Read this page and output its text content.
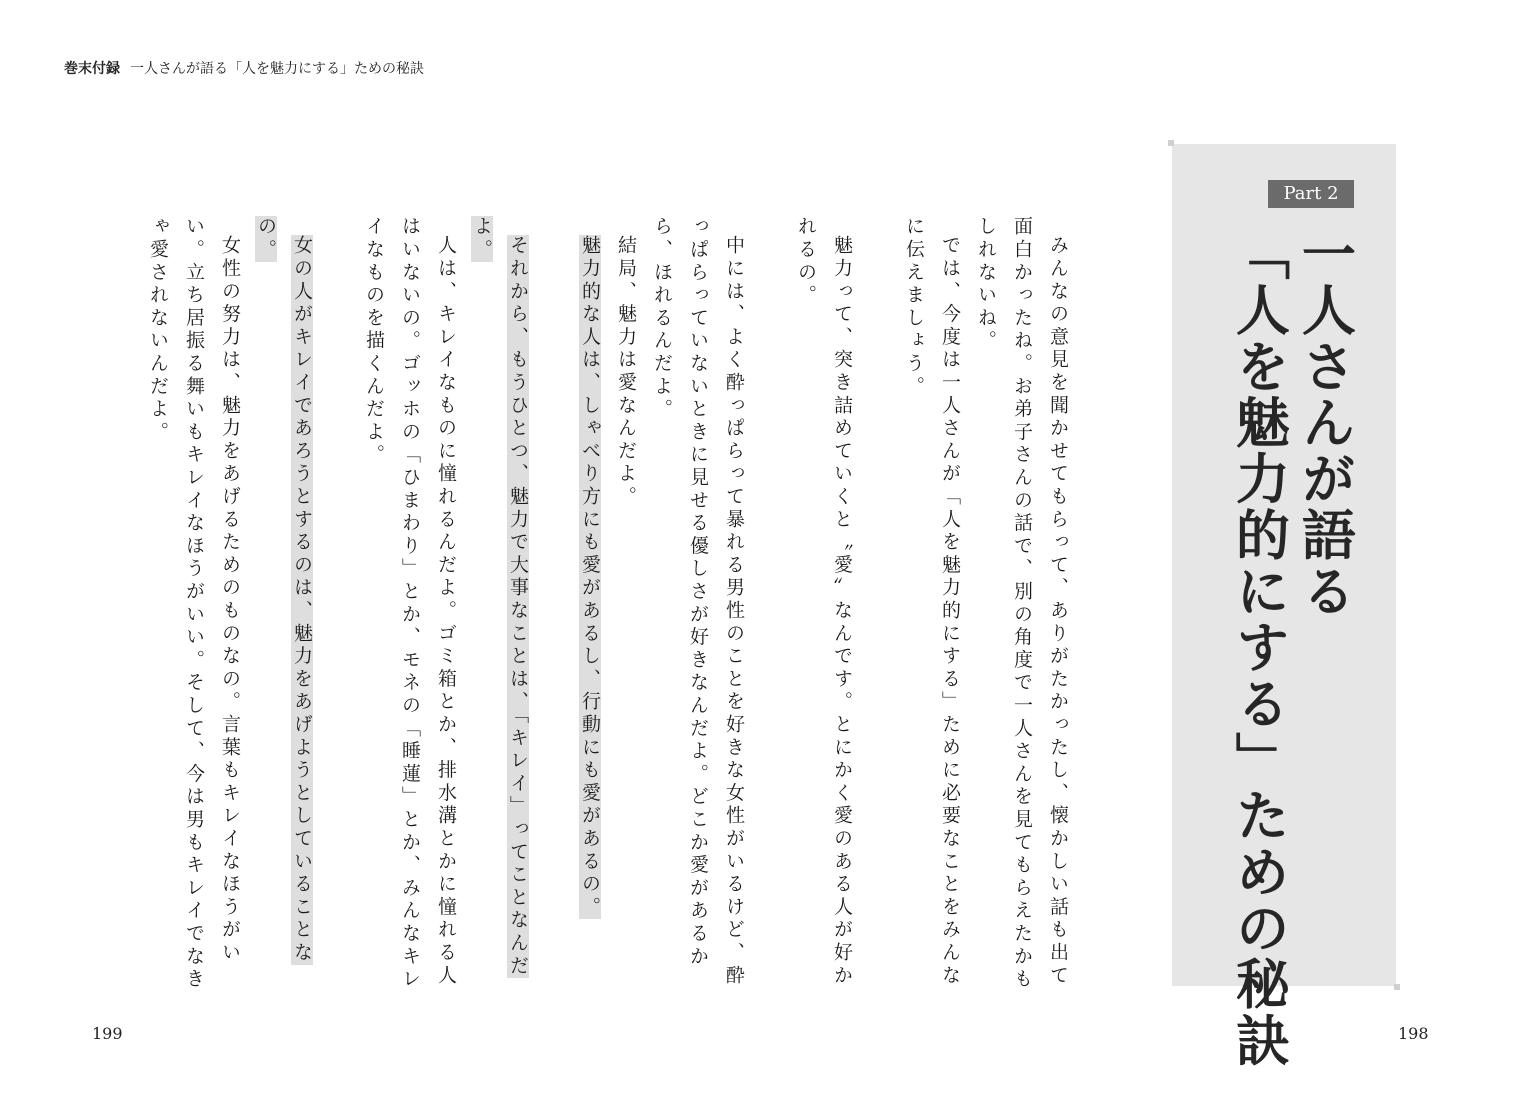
巻末付録 一人さんが語る「人を魅力にする」ための秘訣
Part 2
一人さんが語る
「人を魅力的にする」ための秘訣

みんなの意見を聞かせてもらって、ありがたかったし、懐かしい話も出て面白かったね。お弟子さんの話で、別の角度で一人さんを見てもらえたかもしれないね。

では、今度は一人さんが「人を魅力的にする」ために必要なことをみんなに伝えましょう。

魅力って、突き詰めていくと〝愛〟なんです。とにかく愛のある人が好かれるの。

中には、よく酔っぱらって暴れる男性のことを好きな女性がいるけど、酔っぱらっていないときに見せる優しさが好きなんだよ。どこか愛があるから、ほれるんだよ。

結局、魅力は愛なんだよ。

魅力的な人は、しゃべり方にも愛があるし、行動にも愛があるの。

それから、もうひとつ、魅力で大事なことは、「キレイ」ってことなんだよ。

人は、キレイなものに憧れるんだよ。ゴミ箱とか、排水溝とかに憧れる人はいないの。ゴッホの「ひまわり」とか、モネの「睡蓮」とか、みんなキレイなものを描くんだよ。

女の人がキレイであろうとするのは、魅力をあげようとしていることなの。

女性の努力は、魅力をあげるためのものなの。言葉もキレイなほうがいい。立ち居振る舞いもキレイなほうがいい。そして、今は男もキレイでなきゃ愛されないんだよ。

199	198
